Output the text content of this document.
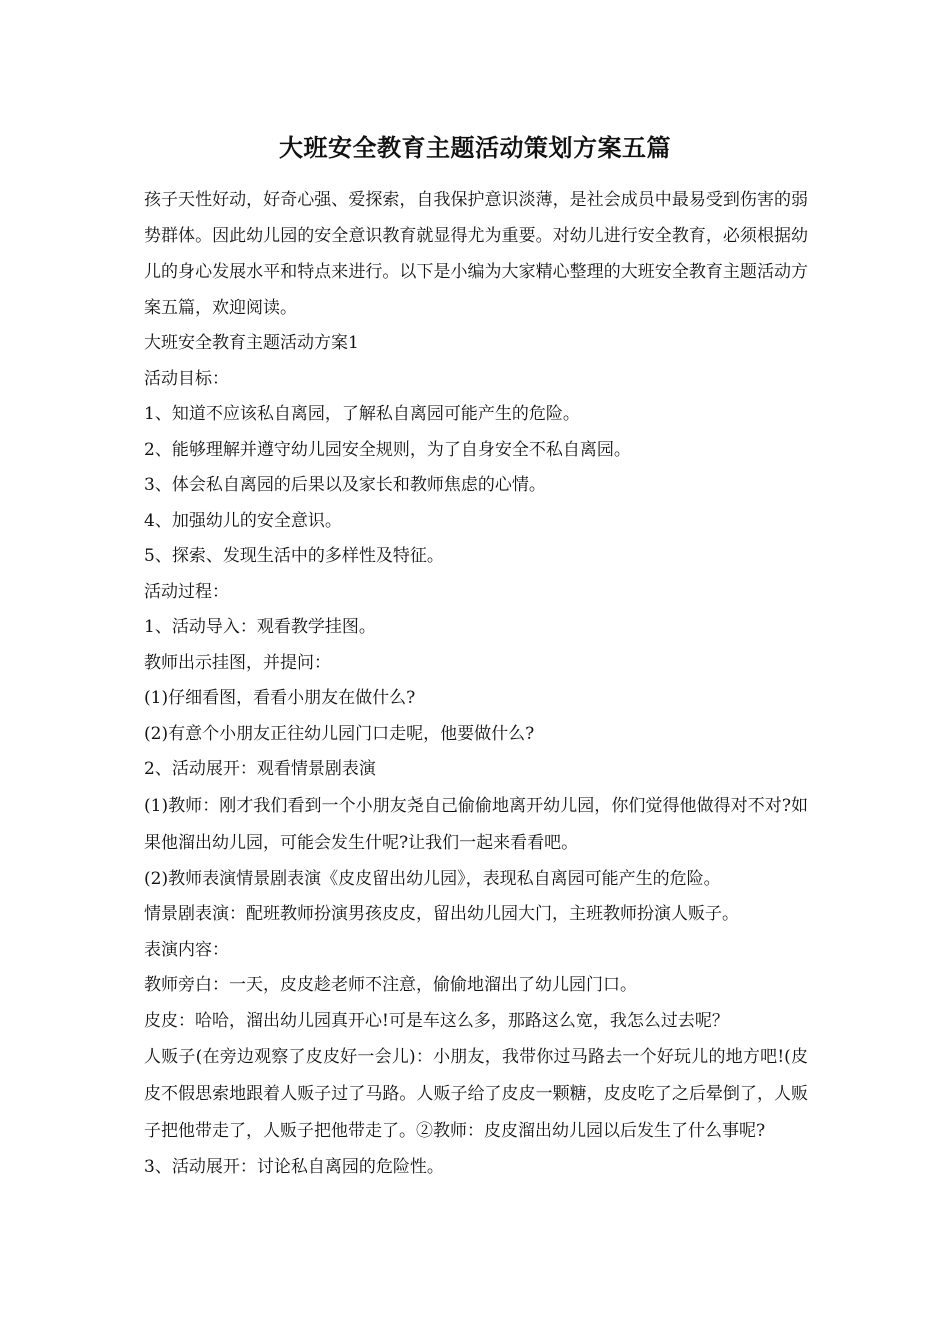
大班安全教育主题活动策划方案五篇

孩子天性好动，好奇心强、爱探索，自我保护意识淡薄，是社会成员中最易受到伤害的弱势群体。因此幼儿园的安全意识教育就显得尤为重要。对幼儿进行安全教育，必须根据幼儿的身心发展水平和特点来进行。以下是小编为大家精心整理的大班安全教育主题活动方案五篇，欢迎阅读。

大班安全教育主题活动方案1

活动目标：

1、知道不应该私自离园，了解私自离园可能产生的危险。

2、能够理解并遵守幼儿园安全规则，为了自身安全不私自离园。

3、体会私自离园的后果以及家长和教师焦虑的心情。

4、加强幼儿的安全意识。

5、探索、发现生活中的多样性及特征。

活动过程：

1、活动导入：观看教学挂图。

教师出示挂图，并提问：

(1)仔细看图，看看小朋友在做什么?

(2)有意个小朋友正往幼儿园门口走呢，他要做什么?

2、活动展开：观看情景剧表演

(1)教师：刚才我们看到一个小朋友尧自己偷偷地离开幼儿园，你们觉得他做得对不对?如果他溜出幼儿园，可能会发生什呢?让我们一起来看看吧。

(2)教师表演情景剧表演《皮皮留出幼儿园》，表现私自离园可能产生的危险。

情景剧表演：配班教师扮演男孩皮皮，留出幼儿园大门，主班教师扮演人贩子。

表演内容：

教师旁白：一天，皮皮趁老师不注意，偷偷地溜出了幼儿园门口。

皮皮：哈哈，溜出幼儿园真开心!可是车这么多，那路这么宽，我怎么过去呢？

人贩子(在旁边观察了皮皮好一会儿)：小朋友，我带你过马路去一个好玩儿的地方吧!(皮皮不假思索地跟着人贩子过了马路。人贩子给了皮皮一颗糖，皮皮吃了之后晕倒了，人贩子把他带走了，人贩子把他带走了。②教师：皮皮溜出幼儿园以后发生了什么事呢?

3、活动展开：讨论私自离园的危险性。
